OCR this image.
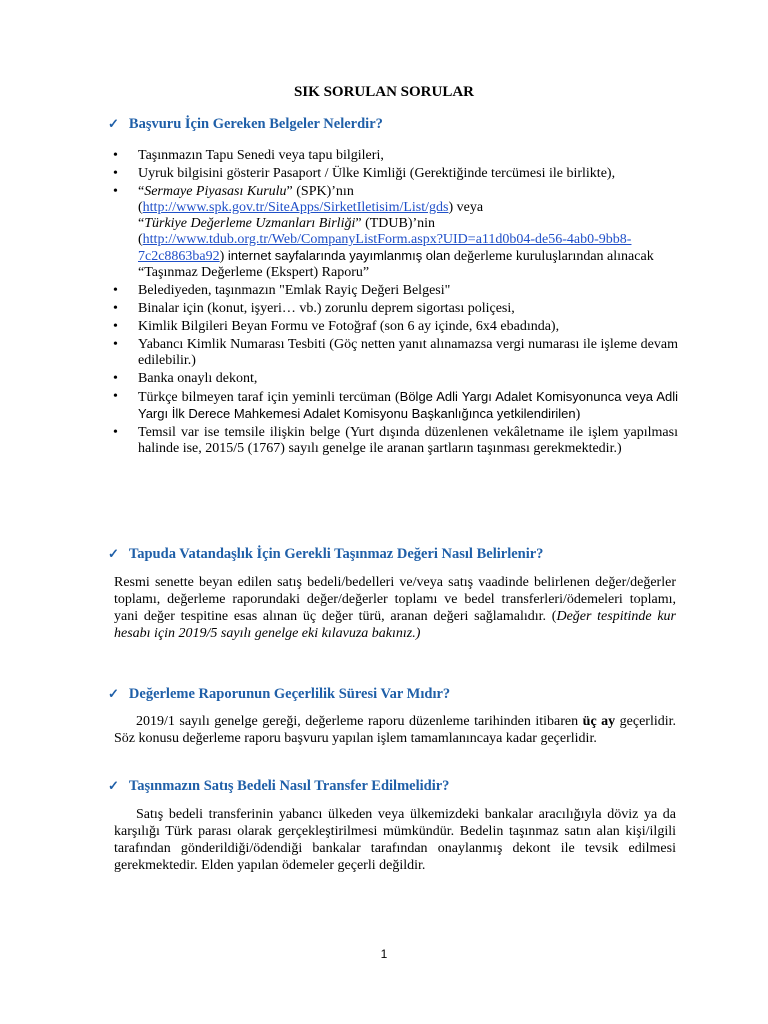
SIK SORULAN SORULAR
✓ Başvuru İçin Gereken Belgeler Nelerdir?
• Taşınmazın Tapu Senedi veya tapu bilgileri,
• Uyruk bilgisini gösterir Pasaport / Ülke Kimliği (Gerektiğinde tercümesi ile birlikte),
• “Sermaye Piyasası Kurulu” (SPK)’nın
(http://www.spk.gov.tr/SiteApps/SirketIletisim/List/gds) veya
“Türkiye Değerleme Uzmanları Birliği” (TDUB)’nin
(http://www.tdub.org.tr/Web/CompanyListForm.aspx?UID=a11d0b04-de56-4ab0-9bb8-7c2c8863ba92) internet sayfalarında yayımlanmış olan değerleme kuruluşlarından alınacak “Taşınmaz Değerleme (Ekspert) Raporu”
• Belediyeden, taşınmazın "Emlak Rayiç Değeri Belgesi"
• Binalar için (konut, işyeri… vb.) zorunlu deprem sigortası poliçesi,
• Kimlik Bilgileri Beyan Formu ve Fotoğraf (son 6 ay içinde, 6x4 ebadında),
• Yabancı Kimlik Numarası Tesbiti (Göç netten yanıt alınamazsa vergi numarası ile işleme devam edilebilir.)
• Banka onaylı dekont,
• Türkçe bilmeyen taraf için yeminli tercüman (Bölge Adli Yargı Adalet Komisyonunca veya Adli Yargı İlk Derece Mahkemesi Adalet Komisyonu Başkanlığınca yetkilendirilen)
• Temsil var ise temsile ilişkin belge (Yurt dışında düzenlenen vekâletname ile işlem yapılması halinde ise, 2015/5 (1767) sayılı genelge ile aranan şartların taşınması gerekmektedir.)
✓ Tapuda Vatandaşlık İçin Gerekli Taşınmaz Değeri Nasıl Belirlenir?
Resmi senette beyan edilen satış bedeli/bedelleri ve/veya satış vaadinde belirlenen değer/değerler toplamı, değerleme raporundaki değer/değerler toplamı ve bedel transferleri/ödemeleri toplamı, yani değer tespitine esas alınan üç değer türü, aranan değeri sağlamalıdır. (Değer tespitinde kur hesabı için 2019/5 sayılı genelge eki kılavuza bakınız.)
✓ Değerleme Raporunun Geçerlilik Süresi Var Mıdır?
2019/1 sayılı genelge gereği, değerleme raporu düzenleme tarihinden itibaren üç ay geçerlidir. Söz konusu değerleme raporu başvuru yapılan işlem tamamlanıncaya kadar geçerlidir.
✓ Taşınmazın Satış Bedeli Nasıl Transfer Edilmelidir?
Satış bedeli transferinin yabancı ülkeden veya ülkemizdeki bankalar aracılığıyla döviz ya da karşılığı Türk parası olarak gerçekleştirilmesi mümkündür. Bedelin taşınmaz satın alan kişi/ilgili tarafından gönderildiği/ödendiği bankalar tarafından onaylanmış dekont ile tevsik edilmesi gerekmektedir. Elden yapılan ödemeler geçerli değildir.
1
